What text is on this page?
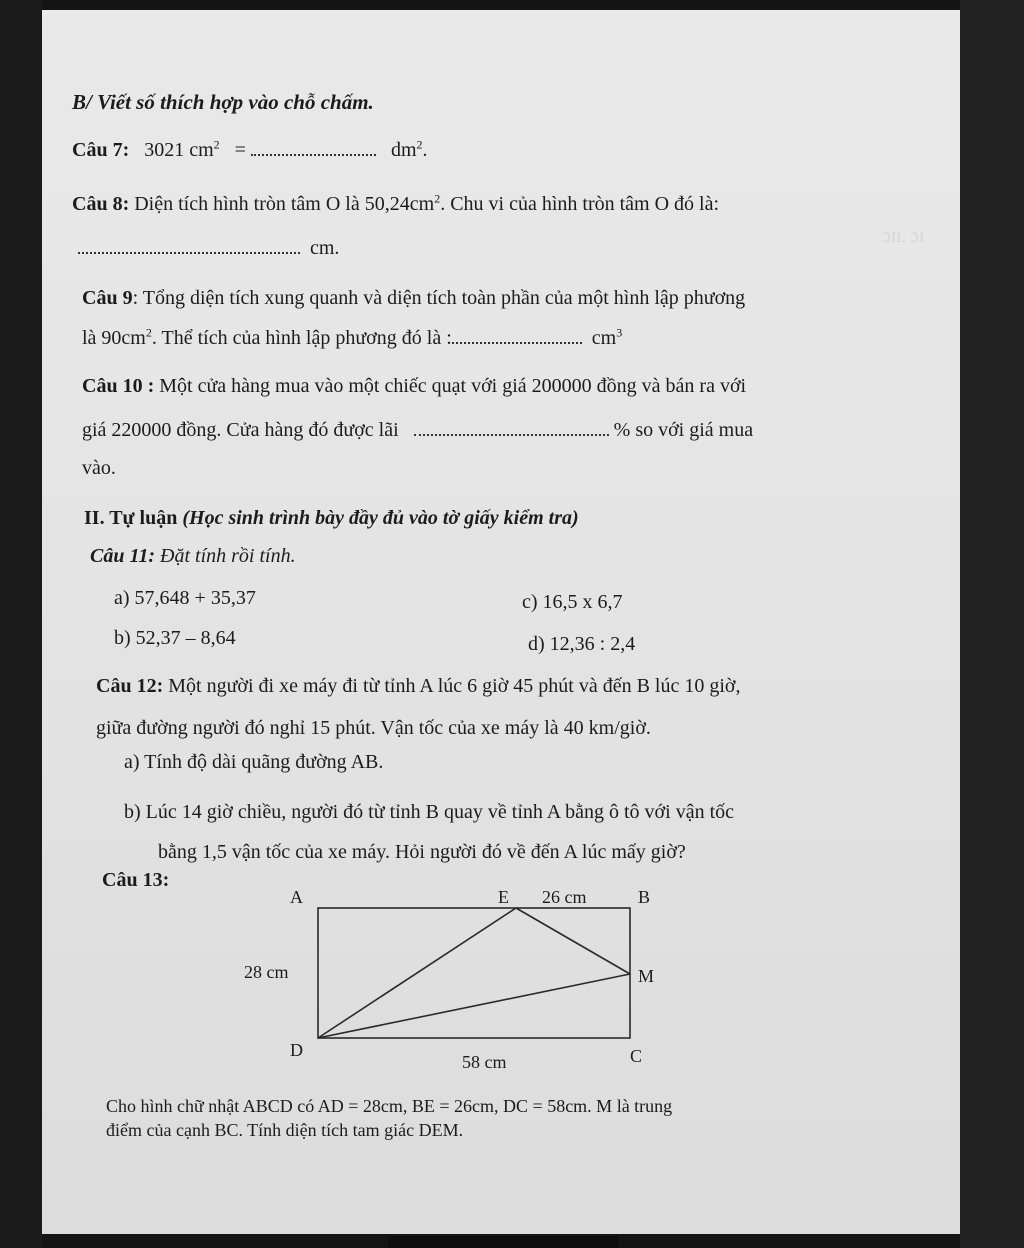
ɔɪʟ ɔɪ
B/ Viết số thích hợp vào chỗ chấm.
Câu 7: 3021 $cm^2$ =	$dm^2$.
Câu 8: Diện tích hình tròn tâm O là $50,24cm^2$. Chu vi của hình tròn tâm O đó là:
cm.
Câu 9: Tổng diện tích xung quanh và diện tích toàn phần của một hình lập phương
là $90cm^2$. Thể tích của hình lập phương đó là :	$cm^3$
Câu 10 : Một cửa hàng mua vào một chiếc quạt với giá 200000 đồng và bán ra với
giá 220000 đồng. Cửa hàng đó được lãi	% so với giá mua
vào.
II. Tự luận (Học sinh trình bày đầy đủ vào tờ giấy kiểm tra)
Câu 11: Đặt tính rồi tính.
a) 57,648 + 35,37
b) 52,37 – 8,64
c) 16,5 x 6,7
d) 12,36 : 2,4
Câu 12: Một người đi xe máy đi từ tỉnh A lúc 6 giờ 45 phút và đến B lúc 10 giờ,
giữa đường người đó nghỉ 15 phút. Vận tốc của xe máy là 40 km/giờ.
a) Tính độ dài quãng đường AB.
b) Lúc 14 giờ chiều, người đó từ tỉnh B quay về tỉnh A bằng ô tô với vận tốc
bằng 1,5 vận tốc của xe máy. Hỏi người đó về đến A lúc mấy giờ?
Câu 13:
A	B
C
D
E
M
26 cm
28 cm
58 cm
Cho hình chữ nhật ABCD có AD = 28cm, BE = 26cm, DC = 58cm. M là trung
điểm của cạnh BC. Tính diện tích tam giác DEM.
